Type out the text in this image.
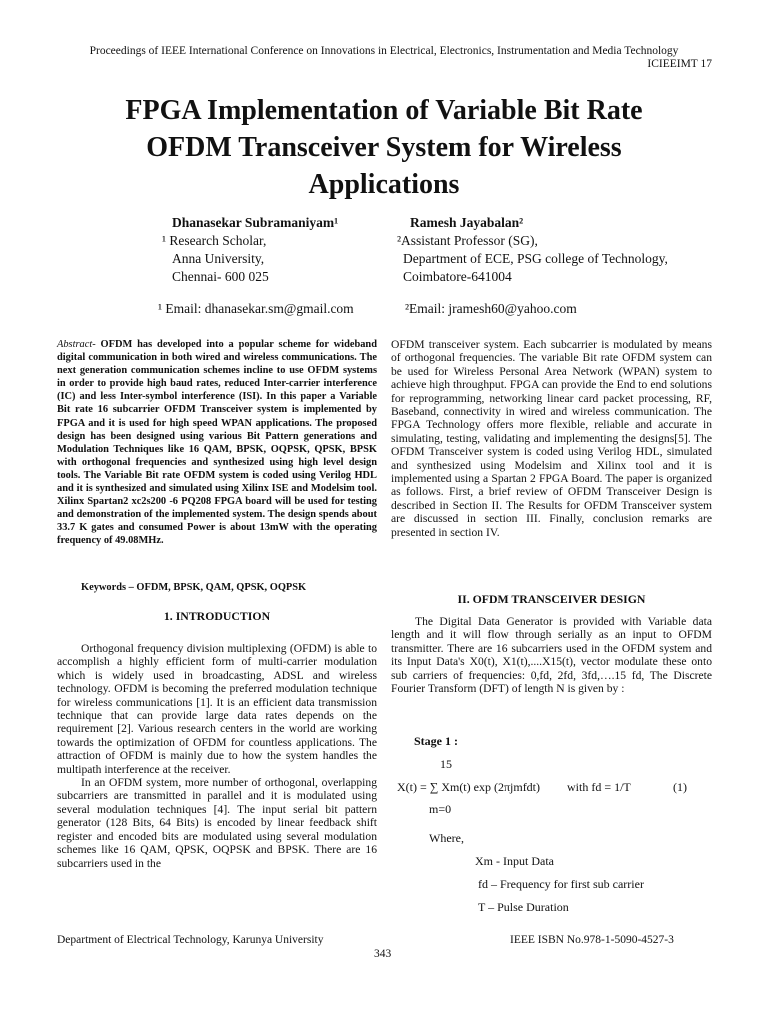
Proceedings of IEEE International Conference on Innovations in Electrical, Electronics, Instrumentation and Media Technology
ICIEEIMT 17
FPGA Implementation of Variable Bit Rate
OFDM Transceiver System for Wireless
Applications
Dhanasekar Subramaniyam¹
¹ Research Scholar,
Anna University,
Chennai- 600 025
¹ Email: dhanasekar.sm@gmail.com
Ramesh Jayabalan²
²Assistant Professor (SG),
Department of ECE, PSG college of Technology,
Coimbatore-641004
²Email: jramesh60@yahoo.com
Abstract- OFDM has developed into a popular scheme for wideband digital communication in both wired and wireless communications. The next generation communication schemes incline to use OFDM systems in order to provide high baud rates, reduced Inter-carrier interference (IC) and less Inter-symbol interference (ISI). In this paper a Variable Bit rate 16 subcarrier OFDM Transceiver system is implemented by FPGA and it is used for high speed WPAN applications. The proposed design has been designed using various Bit Pattern generations and Modulation Techniques like 16 QAM, BPSK, OQPSK, QPSK, BPSK with orthogonal frequencies and synthesized using high level design tools. The Variable Bit rate OFDM system is coded using Verilog HDL and it is synthesized and simulated using Xilinx ISE and Modelsim tool. Xilinx Spartan2 xc2s200 -6 PQ208 FPGA board will be used for testing and demonstration of the implemented system. The design spends about 33.7 K gates and consumed Power is about 13mW with the operating frequency of 49.08MHz.
Keywords – OFDM, BPSK, QAM, QPSK, OQPSK
1. INTRODUCTION

Orthogonal frequency division multiplexing (OFDM) is able to accomplish a highly efficient form of multi-carrier modulation which is widely used in broadcasting, ADSL and wireless technology. OFDM is becoming the preferred modulation technique for wireless communications [1]. It is an efficient data transmission technique that can provide large data rates depends on the requirement [2]. Various research centers in the world are working towards the optimization of OFDM for countless applications. The attraction of OFDM is mainly due to how the system handles the multipath interference at the receiver.

In an OFDM system, more number of orthogonal, overlapping subcarriers are transmitted in parallel and it is modulated using several modulation techniques [4]. The input serial bit pattern generator (128 Bits, 64 Bits) is encoded by linear feedback shift register and encoded bits are modulated using several modulation schemes like 16 QAM, QPSK, OQPSK and BPSK. There are 16 subcarriers used in the

OFDM transceiver system. Each subcarrier is modulated by means of orthogonal frequencies. The variable Bit rate OFDM system can be used for Wireless Personal Area Network (WPAN) system to achieve high throughput. FPGA can provide the End to end solutions for reprogramming, networking linear card packet processing, RF, Baseband, connectivity in wired and wireless communication. The FPGA Technology offers more flexible, reliable and accurate in simulating, testing, validating and implementing the designs[5]. The OFDM Transceiver system is coded using Verilog HDL, simulated and synthesized using Modelsim and Xilinx tool and it is implemented using a Spartan 2 FPGA Board. The paper is organized as follows. First, a brief review of OFDM Transceiver Design is described in Section II. The Results for OFDM Transceiver system are discussed in section III. Finally, conclusion remarks are presented in section IV.
II. OFDM TRANSCEIVER DESIGN

The Digital Data Generator is provided with Variable data length and it will flow through serially as an input to OFDM transmitter. There are 16 subcarriers used in the OFDM system and its Input Data's X0(t), X1(t),....X15(t), vector modulate these onto sub carriers of frequencies: 0,fd, 2fd, 3fd,….15 fd, The Discrete Fourier Transform (DFT) of length N is given by :

Stage 1 :
15
X(t) = ∑ Xm(t) exp (2πjmfdt) with fd = 1/T	(1)
m=0
Where,
Xm - Input Data
fd – Frequency for first sub carrier
T – Pulse Duration
Department of Electrical Technology, Karunya University	IEEE ISBN No.978-1-5090-4527-3
343
